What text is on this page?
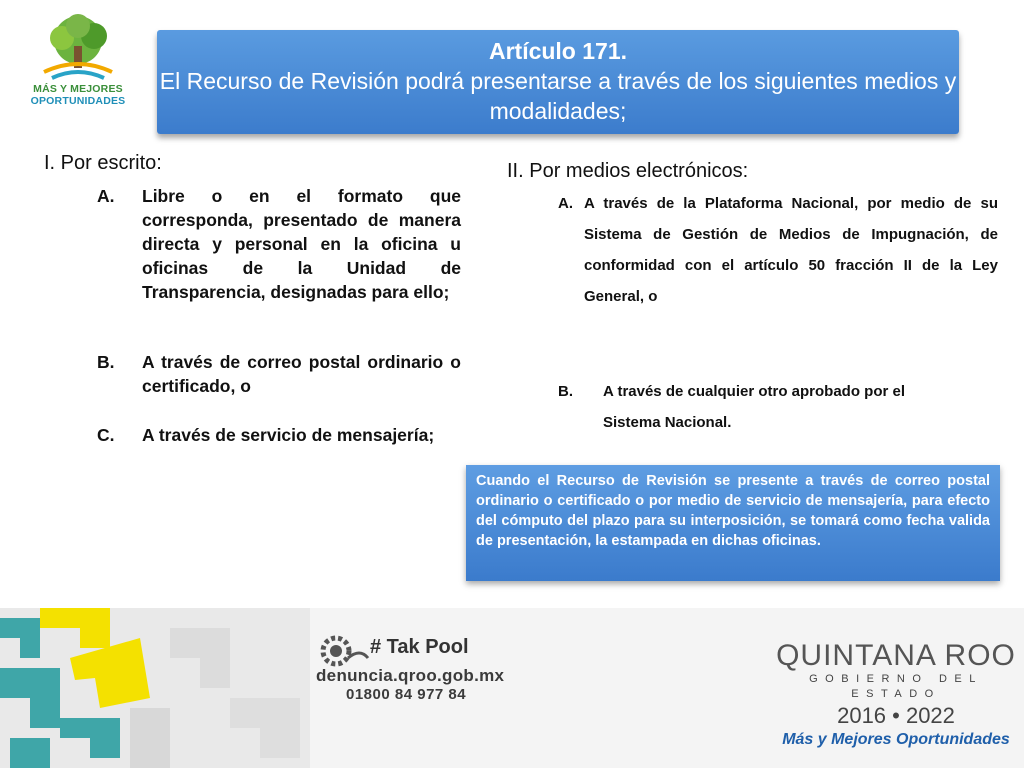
MÁS Y MEJORES
OPORTUNIDADES
Artículo 171.
El Recurso de Revisión podrá presentarse a través de los siguientes medios y modalidades;
I. Por escrito:
A. Libre o en el formato que corresponda, presentado de manera directa y personal en la oficina u oficinas de la Unidad de Transparencia, designadas para ello;
B. A través de correo postal ordinario o certificado, o
C. A través de servicio de mensajería;
II. Por medios electrónicos:
A. A través de la Plataforma Nacional, por medio de su Sistema de Gestión de Medios de Impugnación, de conformidad con el artículo 50 fracción II de la Ley General, o
B. A través de cualquier otro aprobado por el Sistema Nacional.
Cuando el Recurso de Revisión se presente a través de correo postal ordinario o certificado o por medio de servicio de mensajería, para efecto del cómputo del plazo para su interposición, se tomará como fecha valida de presentación, la estampada en dichas oficinas.
# Tak Pool
denuncia.qroo.gob.mx
01800 84 977 84
QUINTANA ROO
GOBIERNO DEL ESTADO
2016 • 2022
Más y Mejores Oportunidades
